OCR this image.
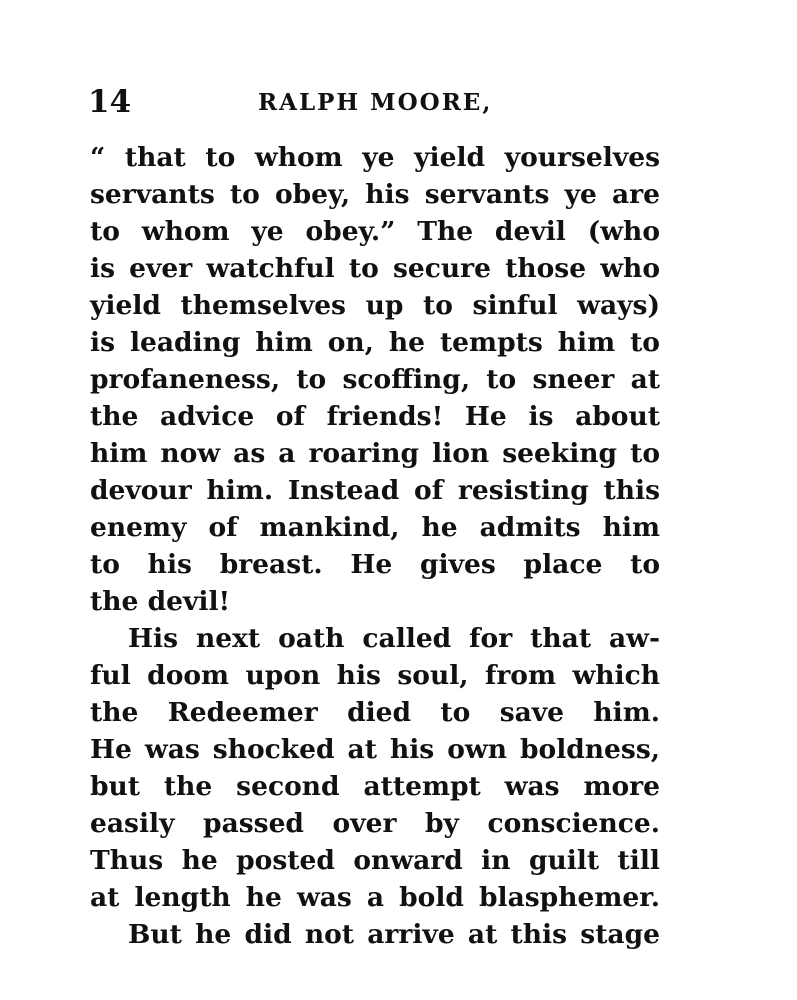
14	RALPH MOORE,
“ that to whom ye yield yourselves
servants to obey, his servants ye are
to whom ye obey.” The devil (who
is ever watchful to secure those who
yield themselves up to sinful ways)
is leading him on, he tempts him to
profaneness, to scoffing, to sneer at
the advice of friends! He is about
him now as a roaring lion seeking to
devour him. Instead of resisting this
enemy of mankind, he admits him
to his breast. He gives place to
the devil!
His next oath called for that aw-
ful doom upon his soul, from which
the Redeemer died to save him.
He was shocked at his own boldness,
but the second attempt was more
easily passed over by conscience.
Thus he posted onward in guilt till
at length he was a bold blasphemer.
But he did not arrive at this stage
